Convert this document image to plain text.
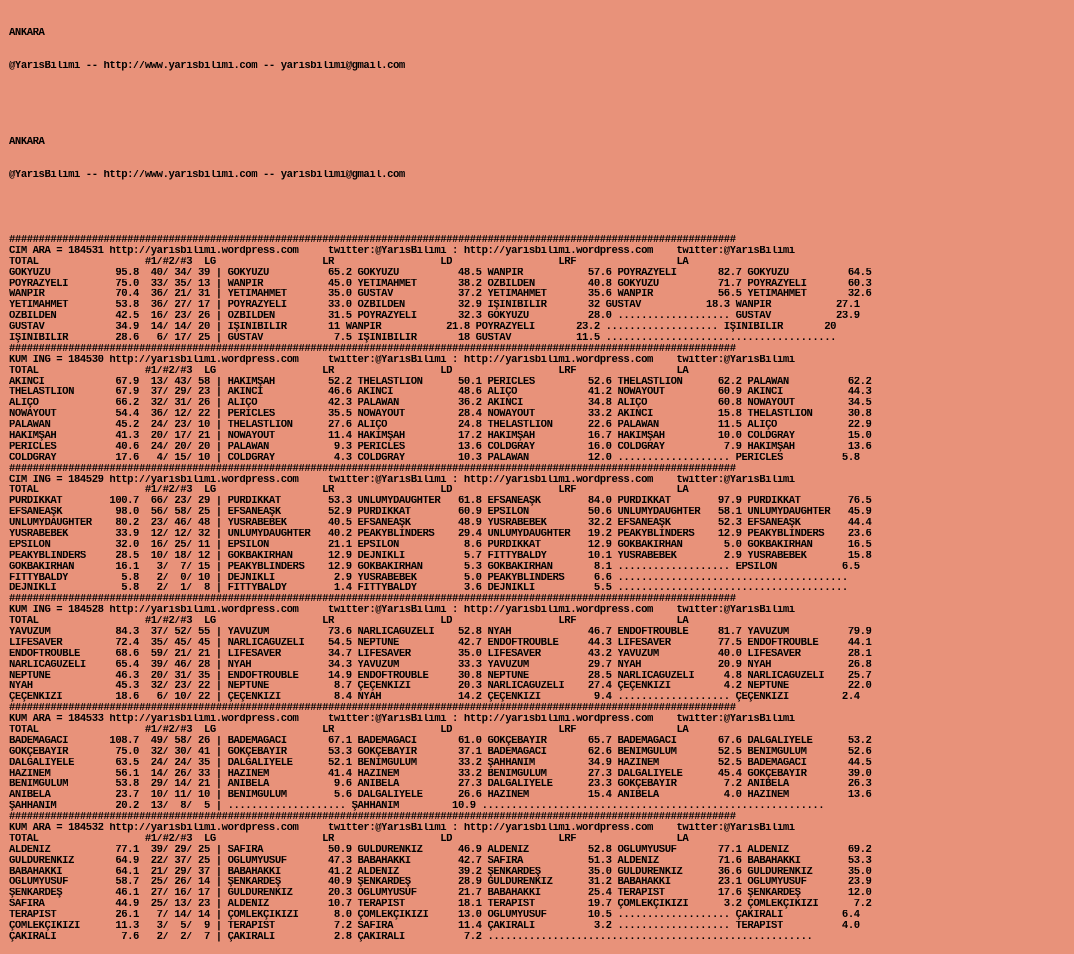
ANKARA

@YarisBilimi -- http://www.yarisbilimi.com -- yarisbilimi@gmail.com

ANKARA

@YarisBilimi -- http://www.yarisbilimi.com -- yarisbilimi@gmail.com

###########################################################################################################################
CIM ARA = 184531 http://yarisbilimi.wordpress.com     twitter:@YarisBilimi : http://yarisbilimi.wordpress.com    twitter:@YarisBilimi
TOTAL                  #1/#2/#3  LG                  LR                  LD                  LRF                 LA
GÖKYÜZÜ           95.8  40/ 34/ 39 | GÖKYÜZÜ          65.2 GÖKYÜZÜ          48.5 WANPİR           57.6 POYRAZYELİ       82.7 GÖKYÜZÜ          64.5
POYRAZYELİ        75.0  33/ 35/ 13 | WANPİR           45.0 YETİMAHMET       38.2 ÖZBİLDEN         40.8 GÖKYÜZÜ          71.7 POYRAZYELİ       60.3
WANPİR            70.4  36/ 21/ 31 | YETİMAHMET       35.0 GUSTAV           37.2 YETİMAHMET       35.6 WANPİR           56.5 YETİMAHMET       32.6
YETİMAHMET        53.8  36/ 27/ 17 | POYRAZYELİ       33.0 ÖZBİLDEN         32.9 İŞİNİBİLİR       32 GUSTAV           18.3 WANPİR           27.1
ÖZBİLDEN          42.5  16/ 23/ 26 | ÖZBİLDEN         31.5 POYRAZYELİ       32.3 GÖKYÜZÜ          28.0 ................... GUSTAV           23.9
GUSTAV            34.9  14/ 14/ 20 | İŞİNİBİLİR       11 WANPİR           21.8 POYRAZYELİ       23.2 ................... İŞİNİBİLİR       20
İŞİNİBİLİR        28.6   6/ 17/ 25 | GUSTAV            7.5 İŞİNİBİLİR       18 GUSTAV           11.5 .......................................
###########################################################################################################################
KUM ING = 184530 http://yarisbilimi.wordpress.com     twitter:@YarisBilimi : http://yarisbilimi.wordpress.com    twitter:@YarisBilimi
TOTAL                  #1/#2/#3  LG                  LR                  LD                  LRF                 LA
AKINCI            67.9  13/ 43/ 58 | HAKİMŞAH         52.2 THELASTLION      50.1 PERICLES         52.6 THELASTLION      62.2 PALAWAN          62.2
THELASTLION       67.9  37/ 29/ 23 | AKINCI           46.6 AKINCI           48.6 ALİÇO            41.2 NOWAYOUT         60.9 AKINCI           44.3
ALİÇO             66.2  32/ 31/ 26 | ALİÇO            42.3 PALAWAN          36.2 AKINCI           34.8 ALİÇO            60.8 NOWAYOUT         34.5
NOWAYOUT          54.4  36/ 12/ 22 | PERICLES         35.5 NOWAYOUT         28.4 NOWAYOUT         33.2 AKINCI           15.8 THELASTLION      30.8
PALAWAN           45.2  24/ 23/ 10 | THELASTLION      27.6 ALİÇO            24.8 THELASTLION      22.6 PALAWAN          11.5 ALİÇO            22.9
HAKİMŞAH          41.3  20/ 17/ 21 | NOWAYOUT         11.4 HAKİMŞAH         17.2 HAKİMŞAH         16.7 HAKİMŞAH         10.0 COLDGRAY         15.0
PERICLES          40.6  24/ 20/ 20 | PALAWAN           9.3 PERICLES         13.6 COLDGRAY         16.0 COLDGRAY          7.9 HAKİMŞAH         13.6
COLDGRAY          17.6   4/ 15/ 10 | COLDGRAY          4.3 COLDGRAY         10.3 PALAWAN          12.0 ................... PERICLES          5.8
###########################################################################################################################
CIM ING = 184529 http://yarisbilimi.wordpress.com     twitter:@YarisBilimi : http://yarisbilimi.wordpress.com    twitter:@YarisBilimi
TOTAL                  #1/#2/#3  LG                  LR                  LD                  LRF                 LA
PÜRDİKKAT        100.7  66/ 23/ 29 | PÜRDİKKAT        53.3 ÜNLÜMYDAUGHTER   61.8 EFSANEAŞK        84.0 PÜRDİKKAT        97.9 PÜRDİKKAT        76.5
EFSANEAŞK         98.0  56/ 58/ 25 | EFSANEAŞK        52.9 PÜRDİKKAT        60.9 EPSILON          50.6 ÜNLÜMYDAUGHTER   58.1 ÜNLÜMYDAUGHTER   45.9
ÜNLÜMYDAUGHTER    80.2  23/ 46/ 48 | YÜSRABEBEK       40.5 EFSANEAŞK        48.9 YÜSRABEBEK       32.2 EFSANEAŞK        52.3 EFSANEAŞK        44.4
YÜSRABEBEK        33.9  12/ 12/ 32 | ÜNLÜMYDAUGHTER   40.2 PEAKYBLINDERS    29.4 ÜNLÜMYDAUGHTER   19.2 PEAKYBLINDERS    12.9 PEAKYBLINDERS    23.6
EPSILON           32.0  16/ 25/ 11 | EPSILON          21.1 EPSILON           8.6 PÜRDİKKAT        12.9 GÖKBAKIRHAN       5.0 GÖKBAKIRHAN      16.5
PEAKYBLINDERS     28.5  10/ 18/ 12 | GÖKBAKIRHAN      12.9 DEJNİKLİ          5.7 FITTYBALDY       10.1 YÜSRABEBEK        2.9 YÜSRABEBEK       15.8
GÖKBAKIRHAN       16.1   3/  7/ 15 | PEAKYBLINDERS    12.9 GÖKBAKIRHAN       5.3 GÖKBAKIRHAN       8.1 ................... EPSILON           6.5
FITTYBALDY         5.8   2/  0/ 10 | DEJNİKLİ          2.9 YÜSRABEBEK        5.0 PEAKYBLINDERS     6.6 .......................................
DEJNİKLİ           5.8   2/  1/  8 | FITTYBALDY        1.4 FITTYBALDY        3.6 DEJNİKLİ          5.5 .......................................
###########################################################################################################################
KUM ING = 184528 http://yarisbilimi.wordpress.com     twitter:@YarisBilimi : http://yarisbilimi.wordpress.com    twitter:@YarisBilimi
TOTAL                  #1/#2/#3  LG                  LR                  LD                  LRF                 LA
YAVUZUM           84.3  37/ 52/ 55 | YAVUZUM          73.6 NARLICAGÜZELİ    52.8 NYAH             46.7 ENDOFTROUBLE     81.7 YAVUZUM          79.9
LIFESAVER         72.4  35/ 45/ 45 | NARLICAGÜZELİ    54.5 NEPTUNE          42.7 ENDOFTROUBLE     44.3 LIFESAVER        77.5 ENDOFTROUBLE     44.1
ENDOFTROUBLE      68.6  59/ 21/ 21 | LIFESAVER        34.7 LIFESAVER        35.0 LIFESAVER        43.2 YAVUZUM          40.0 LIFESAVER        28.1
NARLICAGÜZELİ     65.4  39/ 46/ 28 | NYAH             34.3 YAVUZUM          33.3 YAVUZUM          29.7 NYAH             20.9 NYAH             26.8
NEPTUNE           46.3  20/ 31/ 35 | ENDOFTROUBLE     14.9 ENDOFTROUBLE     30.8 NEPTUNE          28.5 NARLICAGÜZELİ     4.8 NARLICAGÜZELİ    25.7
NYAH              45.3  32/ 23/ 22 | NEPTUNE           8.7 ÇEÇENKIZI        20.3 NARLICAGÜZELİ    27.4 ÇEÇENKIZI         4.2 NEPTUNE          22.0
ÇEÇENKIZI         18.6   6/ 10/ 22 | ÇEÇENKIZI         8.4 NYAH             14.2 ÇEÇENKIZI         9.4 ................... ÇEÇENKIZI         2.4
###########################################################################################################################
KUM ARA = 184533 http://yarisbilimi.wordpress.com     twitter:@YarisBilimi : http://yarisbilimi.wordpress.com    twitter:@YarisBilimi
TOTAL                  #1/#2/#3  LG                  LR                  LD                  LRF                 LA
BADEMAĞACI       108.7  49/ 58/ 26 | BADEMAĞACI       67.1 BADEMAĞACI       61.0 GÖKÇEBAYIR       65.7 BADEMAĞACI       67.6 DALGALIYELE      53.2
GÖKÇEBAYIR        75.0  32/ 30/ 41 | GÖKÇEBAYIR       53.3 GÖKÇEBAYIR       37.1 BADEMAĞACI       62.6 BENİMGÜLÜM       52.5 BENİMGÜLÜM       52.6
DALGALIYELE       63.5  24/ 24/ 35 | DALGALIYELE      52.1 BENİMGÜLÜM       33.2 ŞAHHANIM         34.9 HAZİNEM          52.5 BADEMAĞACI       44.5
HAZİNEM           56.1  14/ 26/ 33 | HAZİNEM          41.4 HAZİNEM          33.2 BENİMGÜLÜM       27.3 DALGALIYELE      45.4 GÖKÇEBAYIR       39.0
BENİMGÜLÜM        53.8  29/ 14/ 21 | ANIBELA           9.6 ANIBELA          27.3 DALGALIYELE      23.3 GÖKÇEBAYIR        7.2 ANIBELA          26.3
ANIBELA           23.7  10/ 11/ 10 | BENİMGÜLÜM        5.6 DALGALIYELE      26.6 HAZİNEM          15.4 ANIBELA           4.0 HAZİNEM          13.6
ŞAHHANIM          20.2  13/  8/  5 | .................... ŞAHHANIM         10.9 ..........................................................
###########################################################################################################################
KUM ARA = 184532 http://yarisbilimi.wordpress.com     twitter:@YarisBilimi : http://yarisbilimi.wordpress.com    twitter:@YarisBilimi
TOTAL                  #1/#2/#3  LG                  LR                  LD                  LRF                 LA
ALDENİZ           77.1  39/ 29/ 25 | SAFİRA           50.9 GÜLDÜRENKIZ      46.9 ALDENİZ          52.8 OĞLUMYUSUF       77.1 ALDENİZ          69.2
GÜLDÜRENKIZ       64.9  22/ 37/ 25 | OĞLUMYUSUF       47.3 BABAHAKKI        42.7 SAFİRA           51.3 ALDENİZ          71.6 BABAHAKKI        53.3
BABAHAKKI         64.1  21/ 29/ 37 | BABAHAKKI        41.2 ALDENİZ          39.2 ŞENKARDEŞ        35.0 GÜLDÜRENKIZ      36.6 GÜLDÜRENKIZ      35.0
OĞLUMYUSUF        58.7  25/ 26/ 14 | ŞENKARDEŞ        40.9 ŞENKARDEŞ        28.9 GÜLDÜRENKIZ      31.2 BABAHAKKI        23.1 OĞLUMYUSUF       23.9
ŞENKARDEŞ         46.1  27/ 16/ 17 | GÜLDÜRENKIZ      20.3 OĞLUMYUSUF       21.7 BABAHAKKI        25.4 TERAPİST         17.6 ŞENKARDEŞ        12.0
SAFİRA            44.9  25/ 13/ 23 | ALDENİZ          10.7 TERAPİST         18.1 TERAPİST         19.7 ÇÖMLEKÇİKIZI      3.2 ÇÖMLEKÇİKIZI      7.2
TERAPİST          26.1   7/ 14/ 14 | ÇÖMLEKÇİKIZI      8.0 ÇÖMLEKÇİKIZI     13.0 OĞLUMYUSUF       10.5 ................... ÇAKIRALİ          6.4
ÇÖMLEKÇİKIZI      11.3   3/  5/  9 | TERAPİST          7.2 SAFİRA           11.4 ÇAKIRALİ          3.2 ................... TERAPİST          4.0
ÇAKIRALİ           7.6   2/  2/  7 | ÇAKIRALİ          2.8 ÇAKIRALİ          7.2 .......................................................
